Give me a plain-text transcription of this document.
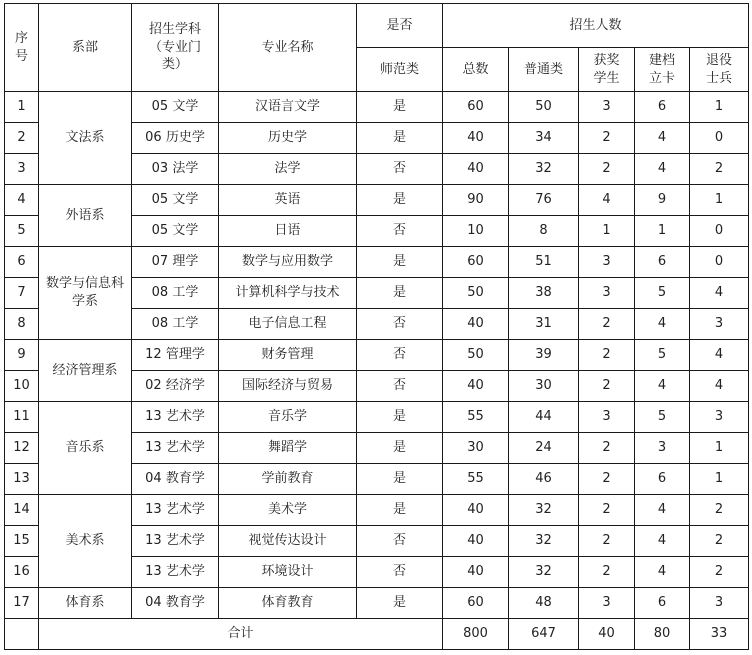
序号	系部	招生学科（专业门类）	专业名称	是否	招生人数				
				师范类	总数	普通类	获奖学生	建档立卡	退役士兵
1	文法系	05 文学	汉语言文学	是	60	50	3	6	1
2		06 历史学	历史学	是	40	34	2	4	0
3		03 法学	法学	否	40	32	2	4	2
4	外语系	05 文学	英语	是	90	76	4	9	1
5		05 文学	日语	否	10	8	1	1	0
6	数学与信息科学系	07 理学	数学与应用数学	是	60	51	3	6	0
7		08 工学	计算机科学与技术	是	50	38	3	5	4
8		08 工学	电子信息工程	否	40	31	2	4	3
9	经济管理系	12 管理学	财务管理	否	50	39	2	5	4
10		02 经济学	国际经济与贸易	否	40	30	2	4	4
11	音乐系	13 艺术学	音乐学	是	55	44	3	5	3
12		13 艺术学	舞蹈学	是	30	24	2	3	1
13		04 教育学	学前教育	是	55	46	2	6	1
14	美术系	13 艺术学	美术学	是	40	32	2	4	2
15		13 艺术学	视觉传达设计	否	40	32	2	4	2
16		13 艺术学	环境设计	否	40	32	2	4	2
17	体育系	04 教育学	体育教育	是	60	48	3	6	3
	合计				800	647	40	80	33
